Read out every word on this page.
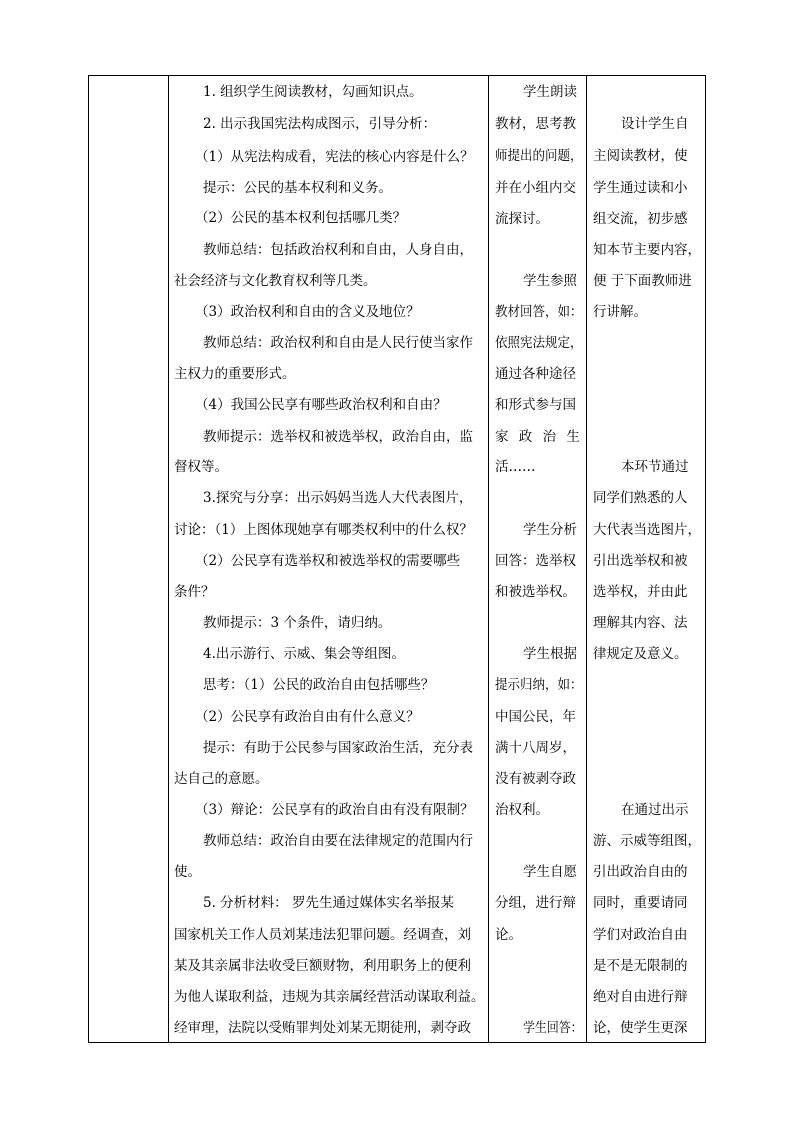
1. 组织学生阅读教材，勾画知识点。
2. 出示我国宪法构成图示，引导分析：
（1）从宪法构成看，宪法的核心内容是什么？
提示：公民的基本权利和义务。
（2）公民的基本权利包括哪几类？
教师总结：包括政治权利和自由，人身自由，
社会经济与文化教育权利等几类。
（3）政治权利和自由的含义及地位？
教师总结：政治权利和自由是人民行使当家作
主权力的重要形式。
（4）我国公民享有哪些政治权利和自由？
教师提示：选举权和被选举权，政治自由，监
督权等。
3.探究与分享：出示妈妈当选人大代表图片，
讨论：（1）上图体现她享有哪类权利中的什么权？
（2）公民享有选举权和被选举权的需要哪些
条件？
教师提示：3 个条件，请归纳。
4.出示游行、示威、集会等组图。
思考：（1）公民的政治自由包括哪些？
（2）公民享有政治自由有什么意义？
提示：有助于公民参与国家政治生活，充分表
达自己的意愿。
（3）辩论：公民享有的政治自由有没有限制？
教师总结：政治自由要在法律规定的范围内行
使。
5. 分析材料： 罗先生通过媒体实名举报某
国家机关工作人员刘某违法犯罪问题。经调查，刘
某及其亲属非法收受巨额财物，利用职务上的便利
为他人谋取利益，违规为其亲属经营活动谋取利益。
经审理，法院以受贿罪判处刘某无期徒刑，剥夺政
学生朗读
教材，思考教
师提出的问题，
并在小组内交
流探讨。
学生参照
教材回答，如：
依照宪法规定，
通过各种途径
和形式参与国
家 政 治 生
活……
学生分析
回答：选举权
和被选举权。
学生根据
提示归纳，如：
中国公民，年
满十八周岁，
没有被剥夺政
治权利。
学生自愿
分组，进行辩
论。
学生回答：
设计学生自
主阅读教材，使
学生通过读和小
组交流，初步感
知本节主要内容，
便 于下面教师进
行讲解。
本环节通过
同学们熟悉的人
大代表当选图片，
引出选举权和被
选举权，并由此
理解其内容、法
律规定及意义。
在通过出示
游、示威等组图，
引出政治自由的
同时，重要请同
学们对政治自由
是不是无限制的
绝对自由进行辩
论，使学生更深
